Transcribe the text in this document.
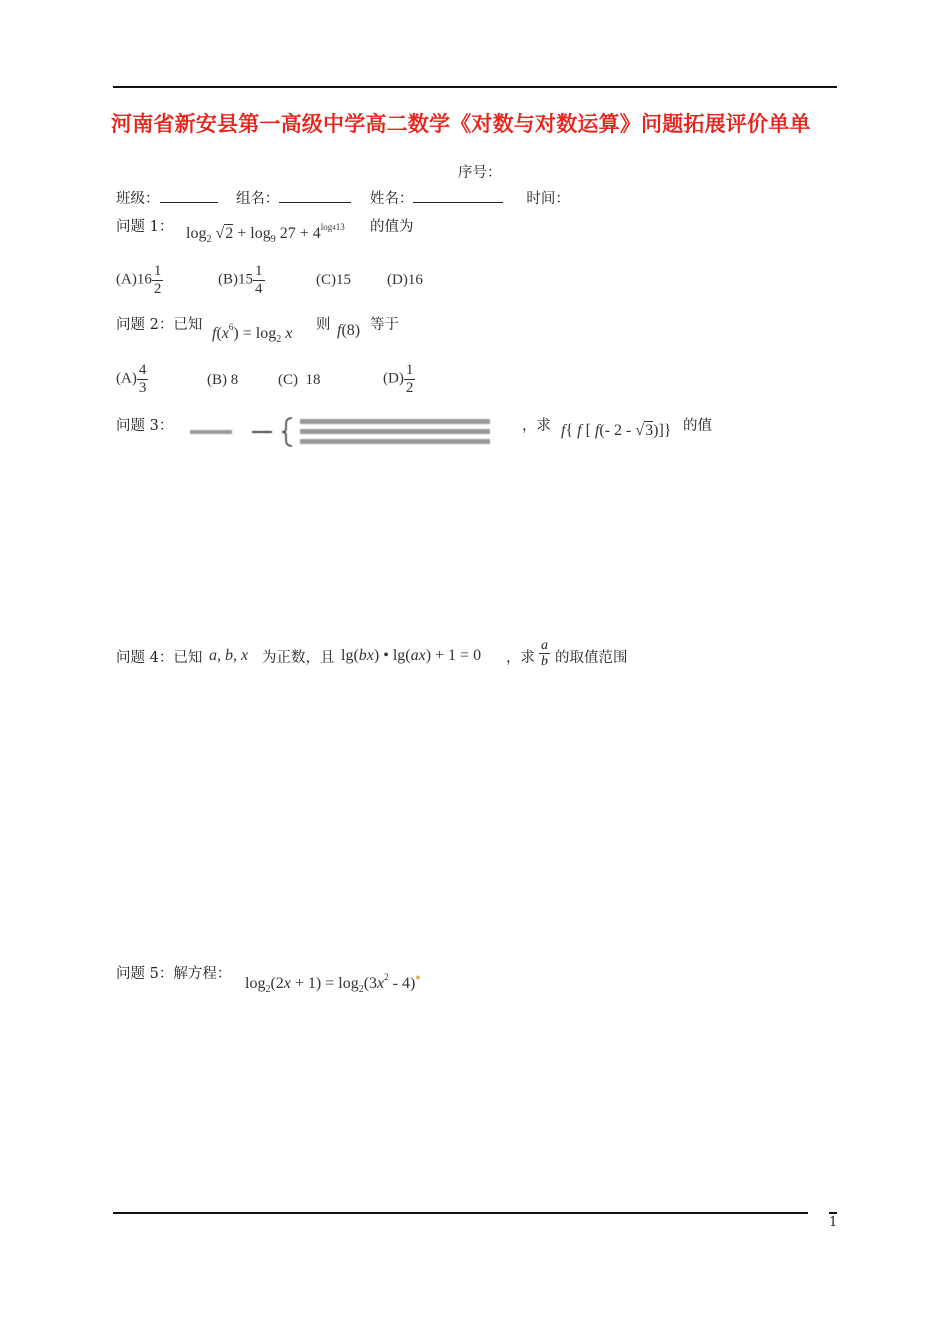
河南省新安县第一高级中学高二数学《对数与对数运算》问题拓展评价单单
序号：
班级：	组名：	姓名：	时间：
问题 1： $\log_2 √2 + \log_9 27 + 4^{log413}$ 的值为
$(A)16 \frac{1}{2}$	$(B)15 \frac{1}{4}$	(C)15 (D)16
问题 2：已知 $f(x^6) = \log_2 x$ 则 f(8) 等于
$(A) \frac{4}{3}$	(B) 8	(C) 18	$(D) \frac{1}{2}$
问题 3：	，求 f{ f [ f(- 2 - √3)]} 的值
问题 4：已知 a, b, x 为正数，且 lg(bx) • lg(ax) + 1 = 0 ，求 $\frac{a}{b}$ 的取值范围
问题 5：解方程：
$\log_2(2x + 1) = \log_2(3x^2 - 4)^●$
1
